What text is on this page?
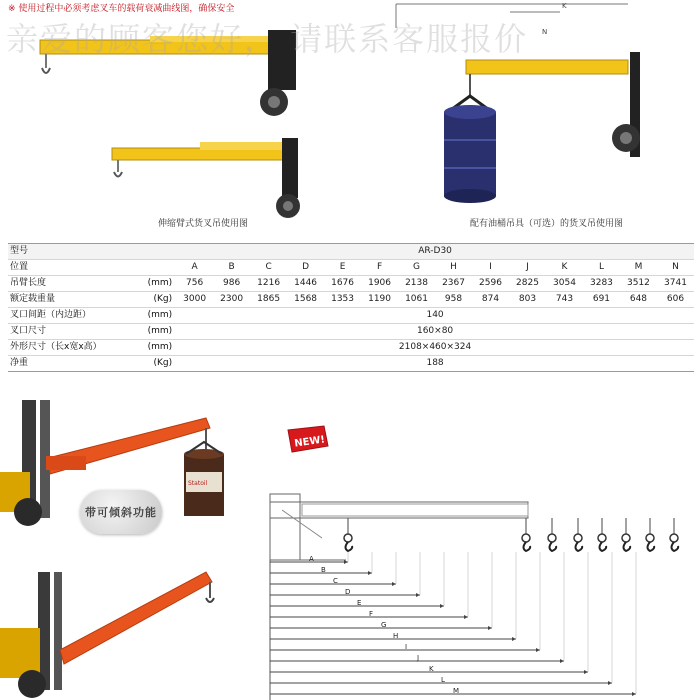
※ 使用过程中必须考虑叉车的载荷衰减曲线图，确保安全
亲爱的顾客您好， 请联系客服报价
伸缩臂式货叉吊使用图
K
N
配有油桶吊具（可选）的货叉吊使用图
型号		AR-D30													
位置		A	B	C	D	E	F	G	H	I	J	K	L	M	N
吊臂长度	(mm)	756	986	1216	1446	1676	1906	2138	2367	2596	2825	3054	3283	3512	3741
额定载重量	(Kg)	3000	2300	1865	1568	1353	1190	1061	958	874	803	743	691	648	606
叉口间距（内边距）	(mm)	140													
叉口尺寸	(mm)	160×80													
外形尺寸（长x宽x高）	(mm)	2108×460×324													
净重	(Kg)	188													
Statoil
NEW!
带可倾斜功能
A
B
C
D
E
F
G
H
I
J
K
L
M
